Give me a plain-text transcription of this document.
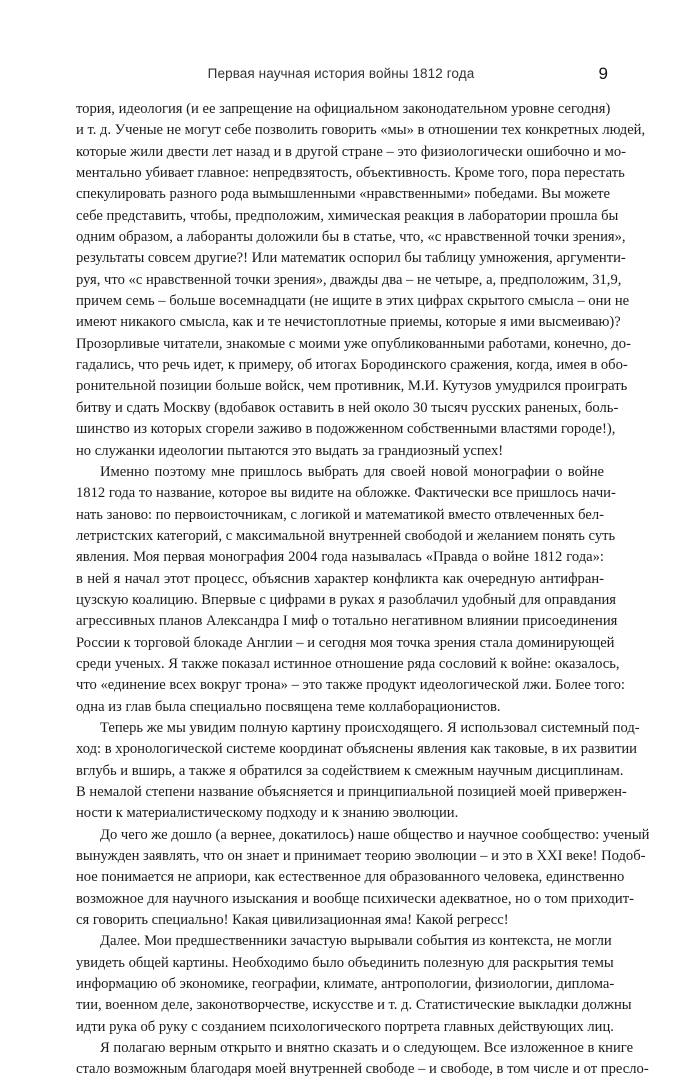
Первая научная история войны 1812 года	9
тория, идеология (и ее запрещение на официальном законодательном уровне сегодня)
и т. д. Ученые не могут себе позволить говорить «мы» в отношении тех конкретных людей,
которые жили двести лет назад и в другой стране – это физиологически ошибочно и мо-
ментально убивает главное: непредвзятость, объективность. Кроме того, пора перестать
спекулировать разного рода вымышленными «нравственными» победами. Вы можете
себе представить, чтобы, предположим, химическая реакция в лаборатории прошла бы
одним образом, а лаборанты доложили бы в статье, что, «с нравственной точки зрения»,
результаты совсем другие?! Или математик оспорил бы таблицу умножения, аргументи-
руя, что «с нравственной точки зрения», дважды два – не четыре, а, предположим, 31,9,
причем семь – больше восемнадцати (не ищите в этих цифрах скрытого смысла – они не
имеют никакого смысла, как и те нечистоплотные приемы, которые я ими высмеиваю)?
Прозорливые читатели, знакомые с моими уже опубликованными работами, конечно, до-
гадались, что речь идет, к примеру, об итогах Бородинского сражения, когда, имея в обо-
ронительной позиции больше войск, чем противник, М.И. Кутузов умудрился проиграть
битву и сдать Москву (вдобавок оставить в ней около 30 тысяч русских раненых, боль-
шинство из которых сгорели заживо в подожженном собственными властями городе!),
но служанки идеологии пытаются это выдать за грандиозный успех!
Именно поэтому мне пришлось выбрать для своей новой монографии о войне
1812 года то название, которое вы видите на обложке. Фактически все пришлось начи-
нать заново: по первоисточникам, с логикой и математикой вместо отвлеченных бел-
летристских категорий, с максимальной внутренней свободой и желанием понять суть
явления. Моя первая монография 2004 года называлась «Правда о войне 1812 года»:
в ней я начал этот процесс, объяснив характер конфликта как очередную антифран-
цузскую коалицию. Впервые с цифрами в руках я разоблачил удобный для оправдания
агрессивных планов Александра I миф о тотально негативном влиянии присоединения
России к торговой блокаде Англии – и сегодня моя точка зрения стала доминирующей
среди ученых. Я также показал истинное отношение ряда сословий к войне: оказалось,
что «единение всех вокруг трона» – это также продукт идеологической лжи. Более того:
одна из глав была специально посвящена теме коллаборационистов.
Теперь же мы увидим полную картину происходящего. Я использовал системный под-
ход: в хронологической системе координат объяснены явления как таковые, в их развитии
вглубь и вширь, а также я обратился за содействием к смежным научным дисциплинам.
В немалой степени название объясняется и принципиальной позицией моей привержен-
ности к материалистическому подходу и к знанию эволюции.
До чего же дошло (а вернее, докатилось) наше общество и научное сообщество: ученый
вынужден заявлять, что он знает и принимает теорию эволюции – и это в XXI веке! Подоб-
ное понимается не априори, как естественное для образованного человека, единственно
возможное для научного изыскания и вообще психически адекватное, но о том приходит-
ся говорить специально! Какая цивилизационная яма! Какой регресс!
Далее. Мои предшественники зачастую вырывали события из контекста, не могли
увидеть общей картины. Необходимо было объединить полезную для раскрытия темы
информацию об экономике, географии, климате, антропологии, физиологии, диплома-
тии, военном деле, законотворчестве, искусстве и т. д. Статистические выкладки должны
идти рука об руку с созданием психологического портрета главных действующих лиц.
Я полагаю верным открыто и внятно сказать и о следующем. Все изложенное в книге
стало возможным благодаря моей внутренней свободе – и свободе, в том числе и от пресло-
